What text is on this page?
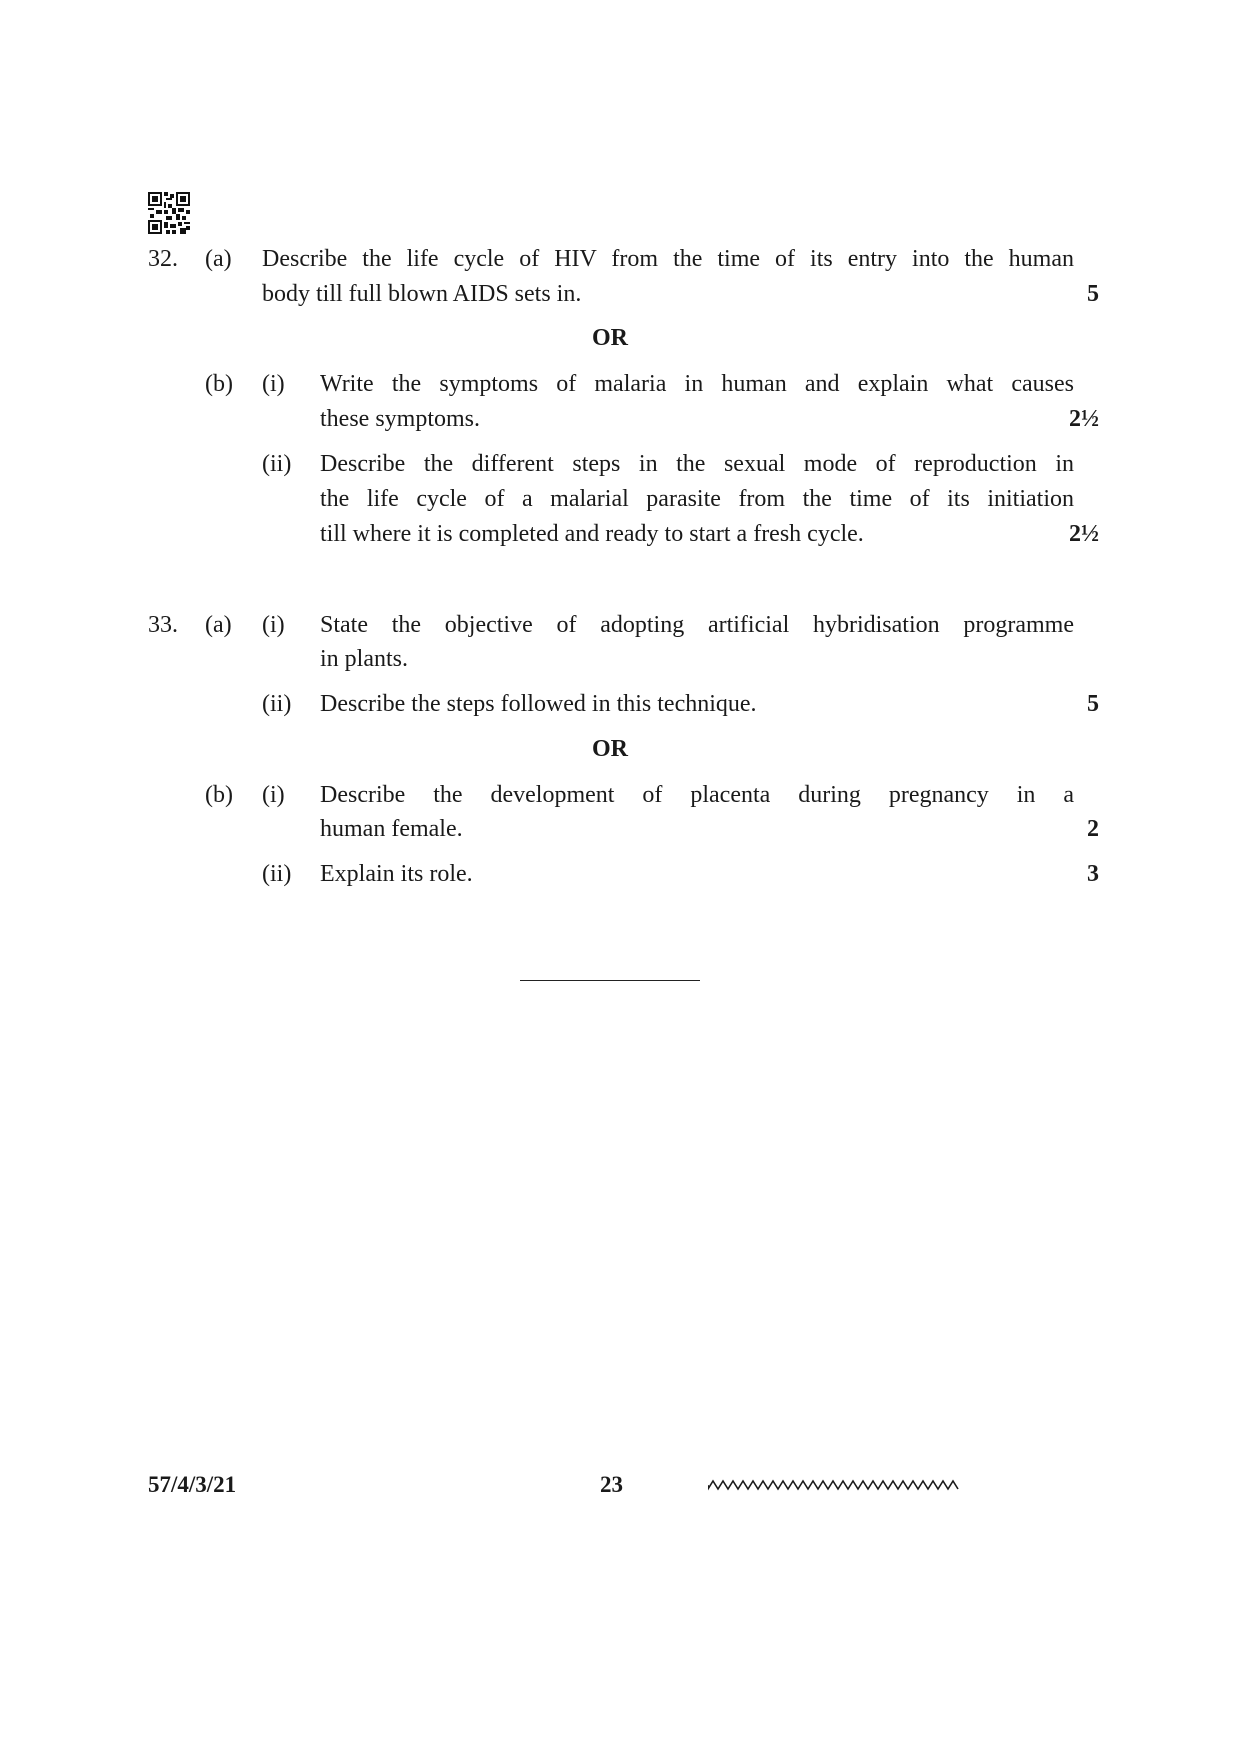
32. (a) Describe the life cycle of HIV from the time of its entry into the human
body till full blown AIDS sets in.	5
OR
(b) (i) Write the symptoms of malaria in human and explain what causes
these symptoms.	2½
(ii) Describe the different steps in the sexual mode of reproduction in
the life cycle of a malarial parasite from the time of its initiation
till where it is completed and ready to start a fresh cycle.	2½
33. (a) (i) State the objective of adopting artificial hybridisation programme
in plants.
(ii) Describe the steps followed in this technique.	5
OR
(b) (i) Describe the development of placenta during pregnancy in a
human female.	2
(ii) Explain its role.	3
57/4/3/21	23
